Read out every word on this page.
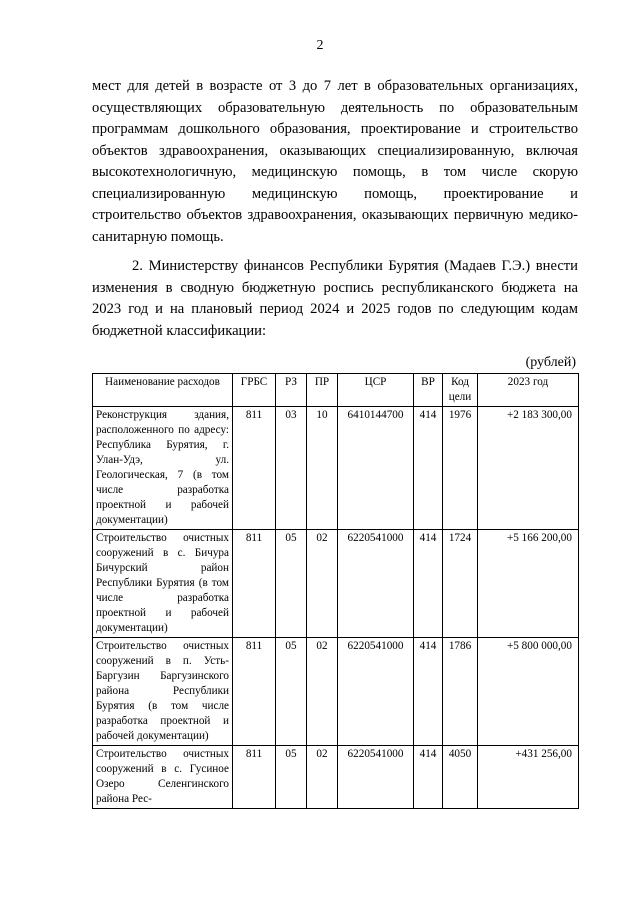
2

мест для детей в возрасте от 3 до 7 лет в образовательных организациях, осуществляющих образовательную деятельность по образовательным программам дошкольного образования, проектирование и строительство объектов здравоохранения, оказывающих специализированную, включая высокотехнологичную, медицинскую помощь, в том числе скорую специализированную медицинскую помощь, проектирование и строительство объектов здравоохранения, оказывающих первичную медико-санитарную помощь.

2. Министерству финансов Республики Бурятия (Мадаев Г.Э.) внести изменения в сводную бюджетную роспись республиканского бюджета на 2023 год и на плановый период 2024 и 2025 годов по следующим кодам бюджетной классификации:

(рублей)
Наименование расходов	ГРБС	РЗ	ПР	ЦСР	ВР	Код цели	2023 год
Реконструкция здания, расположенного по адресу: Республика Бурятия, г. Улан-Удэ, ул. Геологическая, 7 (в том числе разработка проектной и рабочей документации)	811	03	10	6410144700	414	1976	+2 183 300,00
Строительство очистных сооружений в с. Бичура Бичурский район Республики Бурятия (в том числе разработка проектной и рабочей документации)	811	05	02	6220541000	414	1724	+5 166 200,00
Строительство очистных сооружений в п. Усть-Баргузин Баргузинского района Республики Бурятия (в том числе разработка проектной и рабочей документации)	811	05	02	6220541000	414	1786	+5 800 000,00
Строительство очистных сооружений в с. Гусиное Озеро Селенгинского района Рес-	811	05	02	6220541000	414	4050	+431 256,00
